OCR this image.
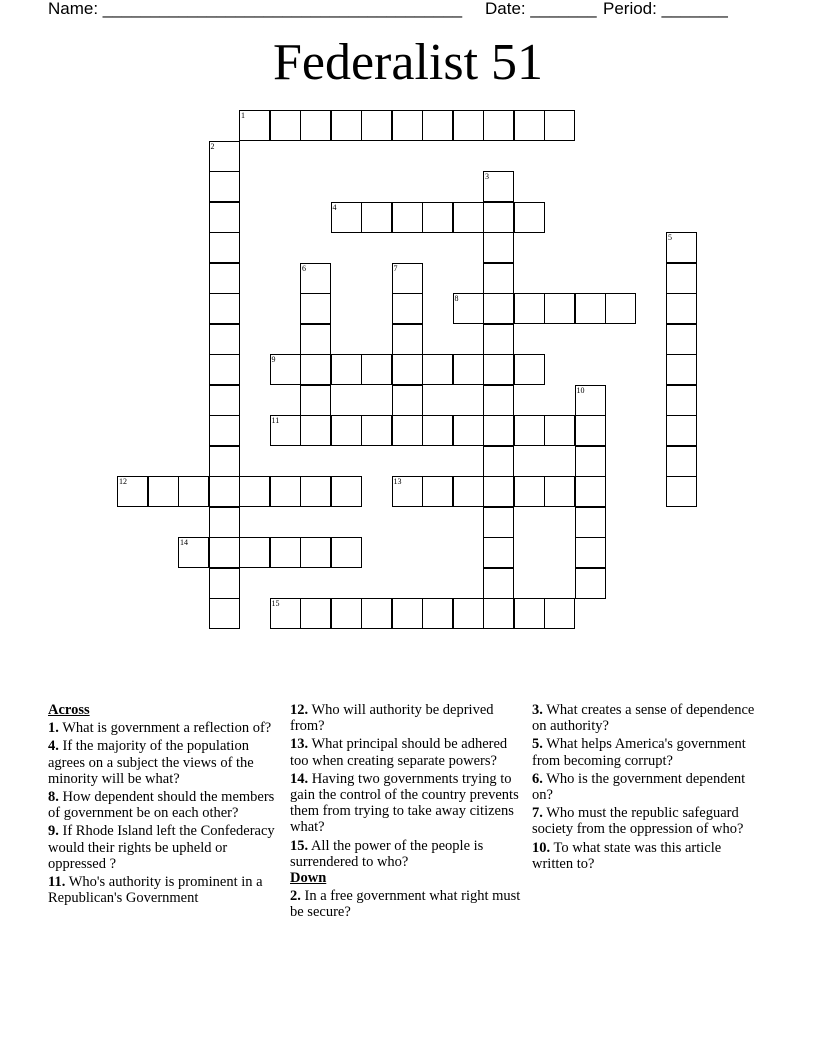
Name: ______________________________________ Date: _______ Period: _______
Federalist 51
1
2
3
4
5
6	7
8
9
10
11
12	13
14
15
Across
1. What is government a reflection of?
4. If the majority of the population agrees on a subject the views of the minority will be what?
8. How dependent should the members of government be on each other?
9. If Rhode Island left the Confederacy would their rights be upheld or oppressed ?
11. Who's authority is prominent in a Republican's Government
12. Who will authority be deprived from?
13. What principal should be adhered too when creating separate powers?
14. Having two governments trying to gain the control of the country prevents them from trying to take away citizens what?
15. All the power of the people is surrendered to who?
Down
2. In a free government what right must be secure?
3. What creates a sense of dependence on authority?
5. What helps America's government from becoming corrupt?
6. Who is the government dependent on?
7. Who must the republic safeguard society from the oppression of who?
10. To what state was this article written to?
